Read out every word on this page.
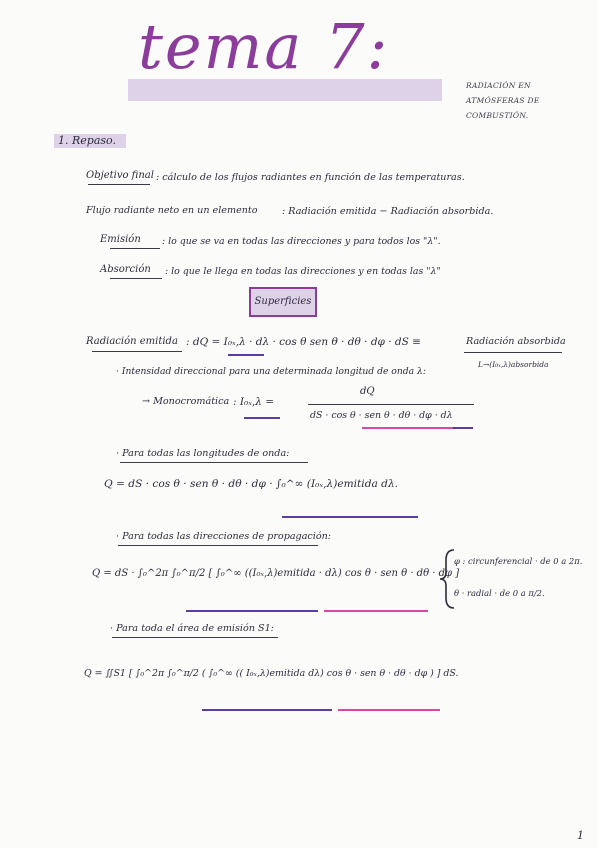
tema 7:
RADIACIÓN EN
ATMÓSFERAS DE COMBUSTIÓN.
1. Repaso.
Objetivo final : cálculo de los flujos radiantes en función de las temperaturas.
Flujo radiante neto en un elemento	: Radiación emitida − Radiación absorbida.
Emisión : lo que se va en todas las direcciones y para todos los "λ".
Absorción : lo que le llega en todas las direcciones y en todas las "λ"
Superficies
Radiación emitida : dQ = I₀ₓ,λ · dλ · cos θ sen θ · dθ · dφ · dS ≡	Radiación absorbida
L→(I₀ₓ,λ)absorbida
· Intensidad direccional para una determinada longitud de onda λ:
→ Monocromática : I₀ₓ,λ =
dQ
dS · cos θ · sen θ · dθ · dφ · dλ
· Para todas las longitudes de onda:
Q = dS · cos θ · sen θ · dθ · dφ · ∫₀^∞ (I₀ₓ,λ)emitida dλ.
· Para todas las direcciones de propagación:
Q = dS · ∫₀^2π ∫₀^π/2 [ ∫₀^∞ ((I₀ₓ,λ)emitida · dλ) cos θ · sen θ · dθ · dφ ]
φ : circunferencial · de 0 a 2π.
θ · radial · de 0 a π/2.
· Para toda el área de emisión S1:
Q = ∬S1 [ ∫₀^2π ∫₀^π/2 ( ∫₀^∞ (( I₀ₓ,λ)emitida dλ) cos θ · sen θ · dθ · dφ ) ] dS.
1
